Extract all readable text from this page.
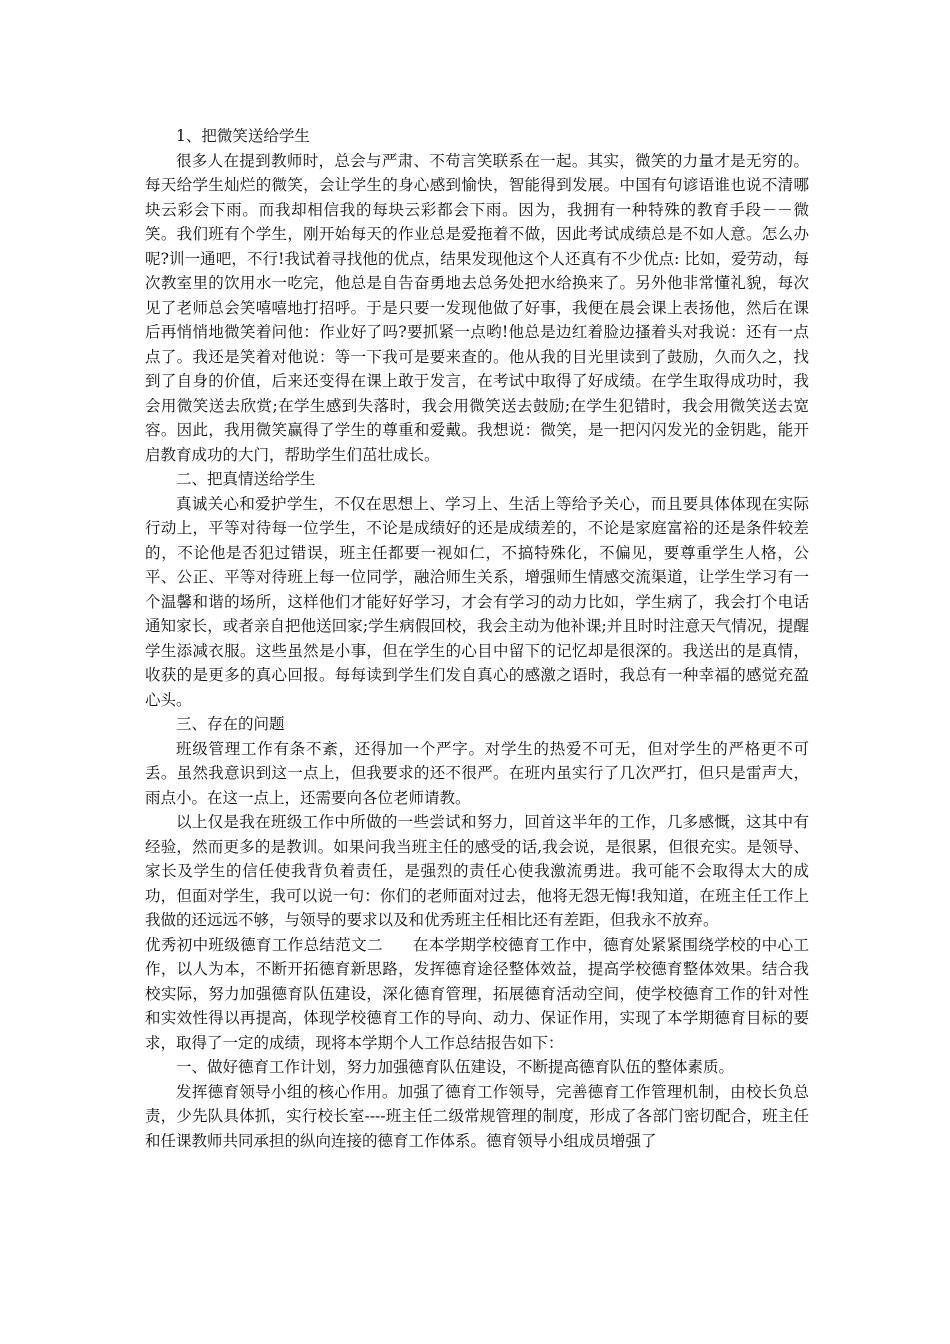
1、把微笑送给学生

很多人在提到教师时，总会与严肃、不苟言笑联系在一起。其实，微笑的力量才是无穷的。每天给学生灿烂的微笑，会让学生的身心感到愉快，智能得到发展。中国有句谚语谁也说不清哪块云彩会下雨。而我却相信我的每块云彩都会下雨。因为，我拥有一种特殊的教育手段－－微笑。我们班有个学生，刚开始每天的作业总是爱拖着不做，因此考试成绩总是不如人意。怎么办呢?训一通吧，不行!我试着寻找他的优点，结果发现他这个人还真有不少优点: 比如，爱劳动，每次教室里的饮用水一吃完，他总是自告奋勇地去总务处把水给换来了。另外他非常懂礼貌，每次见了老师总会笑嘻嘻地打招呼。于是只要一发现他做了好事，我便在晨会课上表扬他，然后在课后再悄悄地微笑着问他：作业好了吗?要抓紧一点哟!他总是边红着脸边搔着头对我说：还有一点点了。我还是笑着对他说：等一下我可是要来查的。他从我的目光里读到了鼓励，久而久之，找到了自身的价值，后来还变得在课上敢于发言，在考试中取得了好成绩。在学生取得成功时，我会用微笑送去欣赏;在学生感到失落时，我会用微笑送去鼓励;在学生犯错时，我会用微笑送去宽容。因此，我用微笑赢得了学生的尊重和爱戴。我想说：微笑，是一把闪闪发光的金钥匙，能开启教育成功的大门，帮助学生们茁壮成长。

二、把真情送给学生

真诚关心和爱护学生，不仅在思想上、学习上、生活上等给予关心，而且要具体体现在实际行动上，平等对待每一位学生，不论是成绩好的还是成绩差的，不论是家庭富裕的还是条件较差的，不论他是否犯过错误，班主任都要一视如仁，不搞特殊化，不偏见，要尊重学生人格，公平、公正、平等对待班上每一位同学，融洽师生关系，增强师生情感交流渠道，让学生学习有一个温馨和谐的场所，这样他们才能好好学习，才会有学习的动力比如，学生病了，我会打个电话通知家长，或者亲自把他送回家;学生病假回校，我会主动为他补课;并且时时注意天气情况，提醒学生添减衣服。这些虽然是小事，但在学生的心目中留下的记忆却是很深的。我送出的是真情，收获的是更多的真心回报。每每读到学生们发自真心的感激之语时，我总有一种幸福的感觉充盈心头。

三、存在的问题

班级管理工作有条不紊，还得加一个严字。对学生的热爱不可无，但对学生的严格更不可丢。虽然我意识到这一点上，但我要求的还不很严。在班内虽实行了几次严打，但只是雷声大，雨点小。在这一点上，还需要向各位老师请教。

以上仅是我在班级工作中所做的一些尝试和努力，回首这半年的工作，几多感慨，这其中有经验，然而更多的是教训。如果问我当班主任的感受的话,我会说，是很累，但很充实。是领导、家长及学生的信任使我背负着责任，是强烈的责任心使我激流勇进。我可能不会取得太大的成功，但面对学生，我可以说一句：你们的老师面对过去，他将无怨无悔!我知道，在班主任工作上我做的还远远不够，与领导的要求以及和优秀班主任相比还有差距，但我永不放弃。

优秀初中班级德育工作总结范文二 在本学期学校德育工作中，德育处紧紧围绕学校的中心工作，以人为本，不断开拓德育新思路，发挥德育途径整体效益，提高学校德育整体效果。结合我校实际，努力加强德育队伍建设，深化德育管理，拓展德育活动空间，使学校德育工作的针对性和实效性得以再提高，体现学校德育工作的导向、动力、保证作用，实现了本学期德育目标的要求，取得了一定的成绩，现将本学期个人工作总结报告如下：

一、做好德育工作计划，努力加强德育队伍建设，不断提高德育队伍的整体素质。

发挥德育领导小组的核心作用。加强了德育工作领导，完善德育工作管理机制，由校长负总责，少先队具体抓，实行校长室----班主任二级常规管理的制度，形成了各部门密切配合，班主任和任课教师共同承担的纵向连接的德育工作体系。德育领导小组成员增强了
